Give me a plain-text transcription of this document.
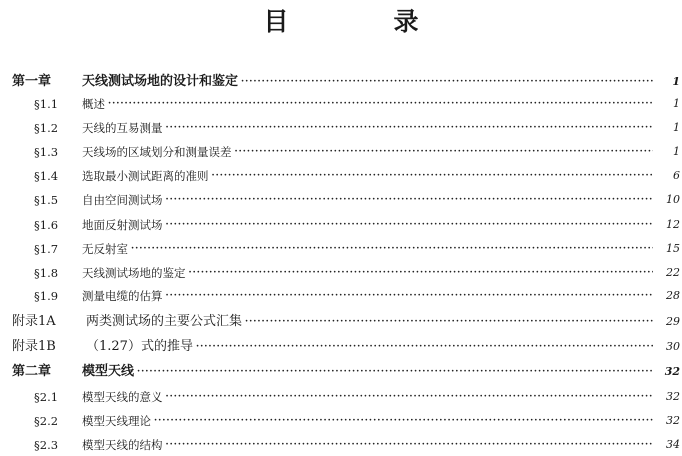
目　录
第一章	天线测试场地的设计和鉴定 ·····	1
§1.1	概述 ·····	1
§1.2	天线的互易测量 ·····	1
§1.3	天线场的区域划分和测量误差 ·····	1
§1.4	选取最小测试距离的准则 ·····	6
§1.5	自由空间测试场 ·····	10
§1.6	地面反射测试场 ·····	12
§1.7	无反射室 ·····	15
§1.8	天线测试场地的鉴定 ·····	22
§1.9	测量电缆的估算 ·····	28
附录1A	两类测试场的主要公式汇集 ·····	29
附录1B	（1.27）式的推导 ·····	30
第二章	模型天线 ·····	32
§2.1	模型天线的意义 ·····	32
§2.2	模型天线理论 ·····	32
§2.3	模型天线的结构 ·····	34
